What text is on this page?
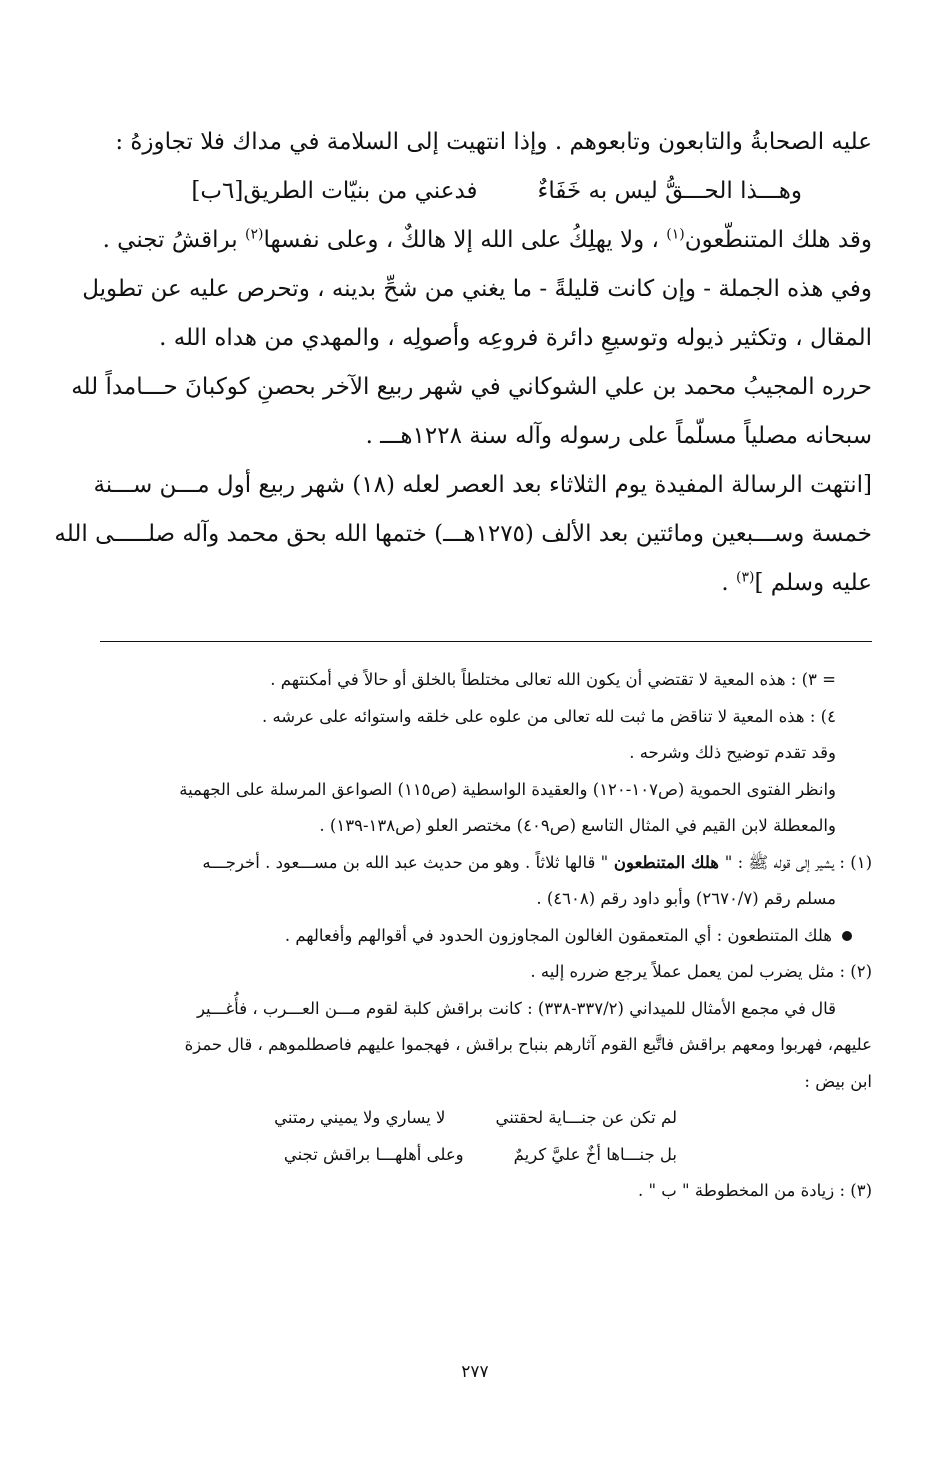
عليه الصحابةُ والتابعون وتابعوهم . وإذا انتهيت إلى السلامة في مداك فلا تجاوزهُ :
وهـــذا الحـــقُّ ليس به خَفَاءٌ
فدعني من بنيّات الطريق[٦ب]
وقد هلك المتنطّعون$^{(١)}$ ، ولا يهلِكُ على الله إلا هالكٌ ، وعلى نفسها$^{(٢)}$ براقشُ تجني .
وفي هذه الجملة - وإن كانت قليلةً - ما يغني من شحِّ بدينه ، وتحرص عليه عن تطويل
المقال ، وتكثير ذيوله وتوسيعِ دائرة فروعِه وأصولِه ، والمهدي من هداه الله .
حرره المجيبُ محمد بن علي الشوكاني في شهر ربيع الآخر بحصنِ كوكبانَ حـــامداً لله
سبحانه مصلياً مسلّماً على رسوله وآله سنة ١٢٢٨هـــ .
[انتهت الرسالة المفيدة يوم الثلاثاء بعد العصر لعله (١٨) شهر ربيع أول مـــن ســـنة
خمسة وســـبعين ومائتين بعد الألف (١٢٧٥هـــ) ختمها الله بحق محمد وآله صلـــــى الله
عليه وسلم ]$^{(٣)}$ .
= ٣) : هذه المعية لا تقتضي أن يكون الله تعالى مختلطاً بالخلق أو حالاً في أمكنتهم .
٤) : هذه المعية لا تناقض ما ثبت لله تعالى من علوه على خلقه واستوائه على عرشه .
وقد تقدم توضيح ذلك وشرحه .
وانظر الفتوى الحموية (ص١٠٧-١٢٠) والعقيدة الواسطية (ص١١٥) الصواعق المرسلة على الجهمية
والمعطلة لابن القيم في المثال التاسع (ص٤٠٩) مختصر العلو (ص١٣٨-١٣٩) .
(١) : يشير إلى قوله ﷺ : " هلك المتنطعون " قالها ثلاثاً . وهو من حديث عبد الله بن مســـعود . أخرجـــه
مسلم رقم (٢٦٧٠/٧) وأبو داود رقم (٤٦٠٨) .
هلك المتنطعون : أي المتعمقون الغالون المجاوزون الحدود في أقوالهم وأفعالهم .
(٢) : مثل يضرب لمن يعمل عملاً يرجع ضرره إليه .
قال في مجمع الأمثال للميداني (٣٣٧/٢-٣٣٨) : كانت براقش كلبة لقوم مـــن العـــرب ، فأُغـــير
عليهم، فهربوا ومعهم براقش فاتَّبع القوم آثارهم بنباح براقش ، فهجموا عليهم فاصطلموهم ، قال حمزة
ابن بيض :
لم تكن عن جنـــاية لحقتني
لا يساري ولا يميني رمتني
بل جنـــاها أخٌ عليَّ كريمٌ
وعلى أهلهـــا براقش تجني
(٣) : زيادة من المخطوطة " ب " .
٢٧٧
